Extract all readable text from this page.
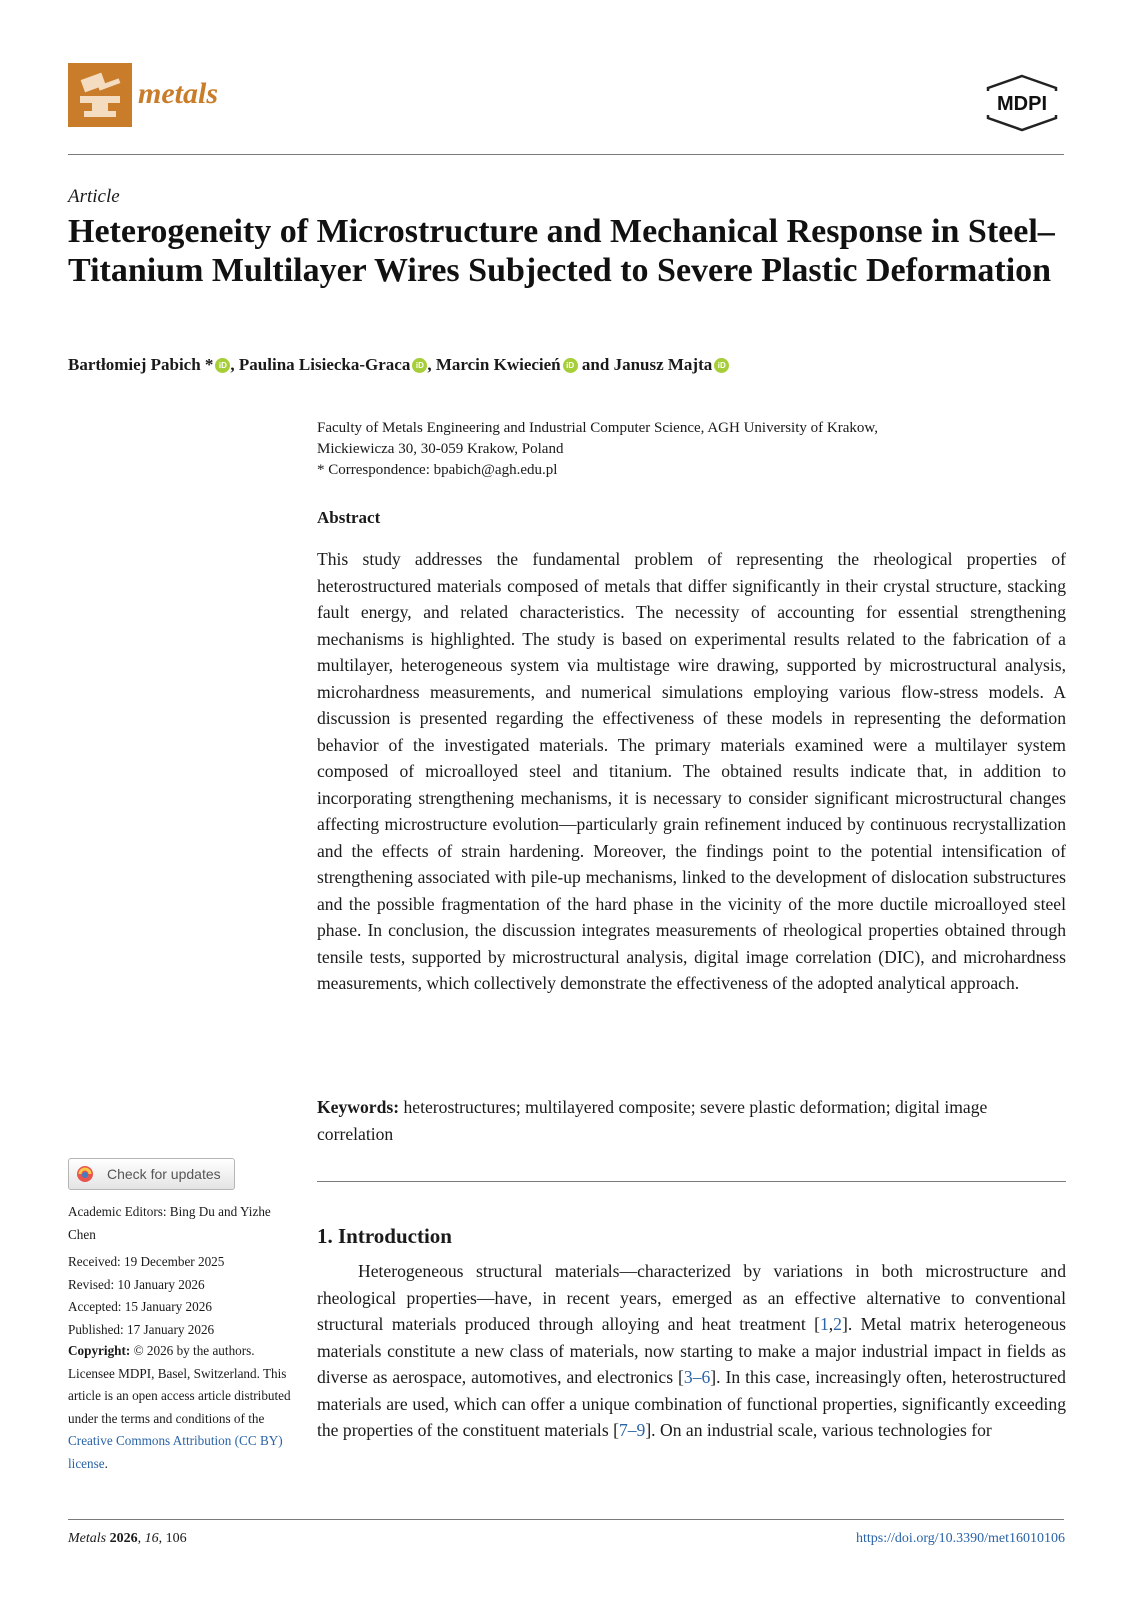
metals	MDPI
Article
Heterogeneity of Microstructure and Mechanical Response in Steel–Titanium Multilayer Wires Subjected to Severe Plastic Deformation
Bartłomiej Pabich * iD , Paulina Lisiecka-Graca iD , Marcin Kwiecień iD and Janusz Majta iD
Faculty of Metals Engineering and Industrial Computer Science, AGH University of Krakow,
Mickiewicza 30, 30-059 Krakow, Poland
* Correspondence: bpabich@agh.edu.pl
Abstract

This study addresses the fundamental problem of representing the rheological properties of heterostructured materials composed of metals that differ significantly in their crystal structure, stacking fault energy, and related characteristics. The necessity of accounting for essential strengthening mechanisms is highlighted. The study is based on experimental results related to the fabrication of a multilayer, heterogeneous system via multistage wire drawing, supported by microstructural analysis, microhardness measurements, and numerical simulations employing various flow-stress models. A discussion is presented regarding the effectiveness of these models in representing the deformation behavior of the investigated materials. The primary materials examined were a multilayer system composed of microalloyed steel and titanium. The obtained results indicate that, in addition to incorporating strengthening mechanisms, it is necessary to consider significant microstructural changes affecting microstructure evolution—particularly grain refinement induced by continuous recrystallization and the effects of strain hardening. Moreover, the findings point to the potential intensification of strengthening associated with pile-up mechanisms, linked to the development of dislocation substructures and the possible fragmentation of the hard phase in the vicinity of the more ductile microalloyed steel phase. In conclusion, the discussion integrates measurements of rheological properties obtained through tensile tests, supported by microstructural analysis, digital image correlation (DIC), and microhardness measurements, which collectively demonstrate the effectiveness of the adopted analytical approach.

Keywords: heterostructures; multilayered composite; severe plastic deformation; digital image correlation

1. Introduction

Heterogeneous structural materials—characterized by variations in both microstructure and rheological properties—have, in recent years, emerged as an effective alternative to conventional structural materials produced through alloying and heat treatment [1,2]. Metal matrix heterogeneous materials constitute a new class of materials, now starting to make a major industrial impact in fields as diverse as aerospace, automotives, and electronics [3–6]. In this case, increasingly often, heterostructured materials are used, which can offer a unique combination of functional properties, significantly exceeding the properties of the constituent materials [7–9]. On an industrial scale, various technologies for

Check for updates
Academic Editors: Bing Du and Yizhe Chen
Received: 19 December 2025
Revised: 10 January 2026
Accepted: 15 January 2026
Published: 17 January 2026
Copyright: © 2026 by the authors. Licensee MDPI, Basel, Switzerland. This article is an open access article distributed under the terms and conditions of the Creative Commons Attribution (CC BY) license.
Metals 2026, 16, 106	https://doi.org/10.3390/met16010106
